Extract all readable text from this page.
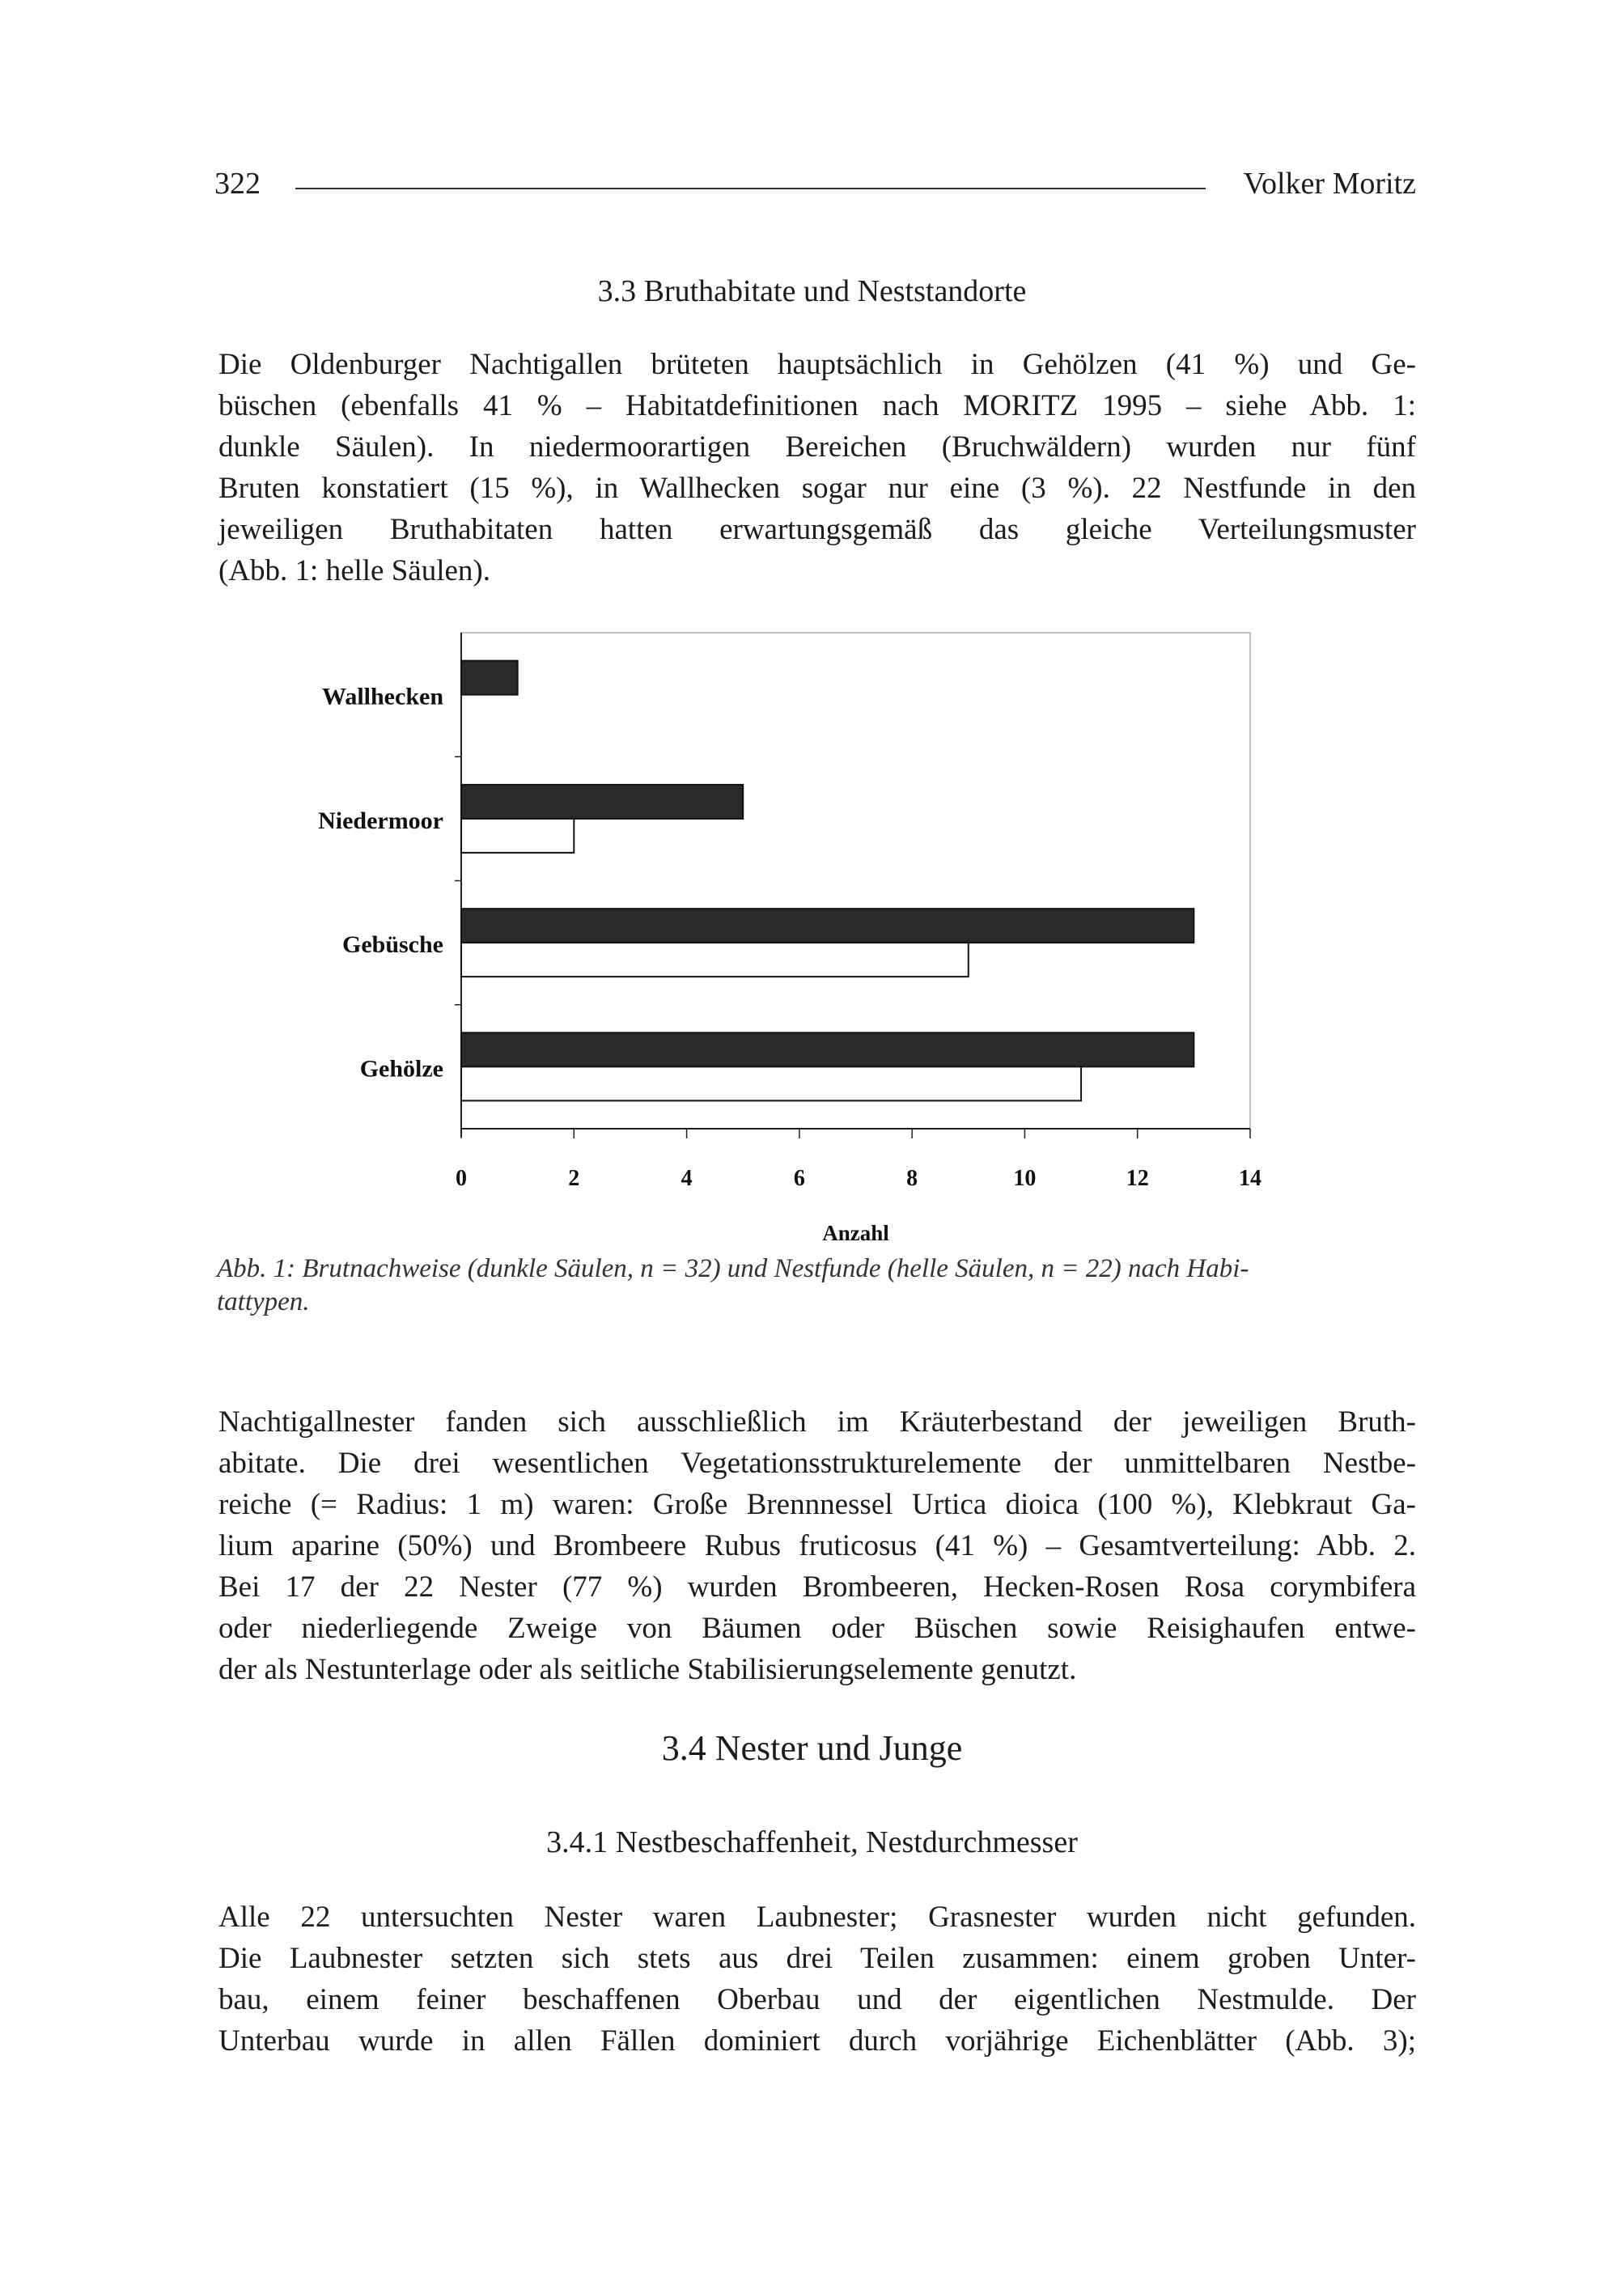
322	Volker Moritz
3.3 Bruthabitate und Neststandorte
Die Oldenburger Nachtigallen brüteten hauptsächlich in Gehölzen (41 %) und Ge-
büschen (ebenfalls 41 % – Habitatdefinitionen nach MORITZ 1995 – siehe Abb. 1:
dunkle Säulen). In niedermoorartigen Bereichen (Bruchwäldern) wurden nur fünf
Bruten konstatiert (15 %), in Wallhecken sogar nur eine (3 %). 22 Nestfunde in den
jeweiligen Bruthabitaten hatten erwartungsgemäß das gleiche Verteilungsmuster
(Abb. 1: helle Säulen).
Wallhecken
Niedermoor
Gebüsche
Gehölze
0	2	4	6	8	10	12	14
Anzahl
Abb. 1: Brutnachweise (dunkle Säulen, n = 32) und Nestfunde (helle Säulen, n = 22) nach Habi-
tattypen.
Nachtigallnester fanden sich ausschließlich im Kräuterbestand der jeweiligen Bruth-
abitate. Die drei wesentlichen Vegetationsstrukturelemente der unmittelbaren Nestbe-
reiche (= Radius: 1 m) waren: Große Brennnessel Urtica dioica (100 %), Klebkraut Ga-
lium aparine (50%) und Brombeere Rubus fruticosus (41 %) – Gesamtverteilung: Abb. 2.
Bei 17 der 22 Nester (77 %) wurden Brombeeren, Hecken-Rosen Rosa corymbifera
oder niederliegende Zweige von Bäumen oder Büschen sowie Reisighaufen entwe-
der als Nestunterlage oder als seitliche Stabilisierungselemente genutzt.
3.4 Nester und Junge
3.4.1 Nestbeschaffenheit, Nestdurchmesser
Alle 22 untersuchten Nester waren Laubnester; Grasnester wurden nicht gefunden.
Die Laubnester setzten sich stets aus drei Teilen zusammen: einem groben Unter-
bau, einem feiner beschaffenen Oberbau und der eigentlichen Nestmulde. Der
Unterbau wurde in allen Fällen dominiert durch vorjährige Eichenblätter (Abb. 3);
